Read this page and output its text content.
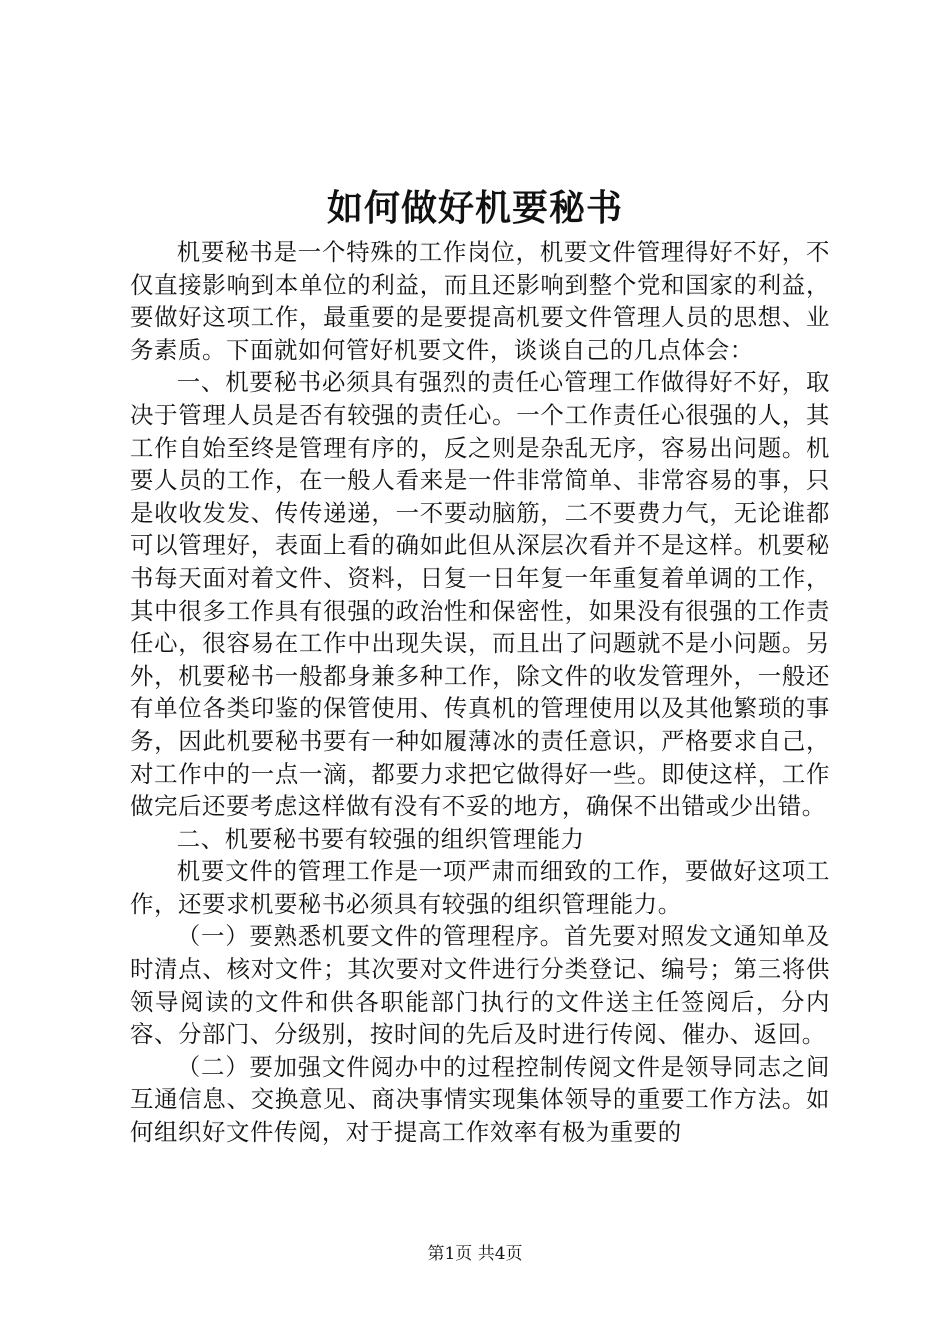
如何做好机要秘书

机要秘书是一个特殊的工作岗位，机要文件管理得好不好，不仅直接影响到本单位的利益，而且还影响到整个党和国家的利益，要做好这项工作，最重要的是要提高机要文件管理人员的思想、业务素质。下面就如何管好机要文件，谈谈自己的几点体会：

一、机要秘书必须具有强烈的责任心管理工作做得好不好，取决于管理人员是否有较强的责任心。一个工作责任心很强的人，其工作自始至终是管理有序的，反之则是杂乱无序，容易出问题。机要人员的工作，在一般人看来是一件非常简单、非常容易的事，只是收收发发、传传递递，一不要动脑筋，二不要费力气，无论谁都可以管理好，表面上看的确如此但从深层次看并不是这样。机要秘书每天面对着文件、资料，日复一日年复一年重复着单调的工作，其中很多工作具有很强的政治性和保密性，如果没有很强的工作责任心，很容易在工作中出现失误，而且出了问题就不是小问题。另外，机要秘书一般都身兼多种工作，除文件的收发管理外，一般还有单位各类印鉴的保管使用、传真机的管理使用以及其他繁琐的事务，因此机要秘书要有一种如履薄冰的责任意识，严格要求自己，对工作中的一点一滴，都要力求把它做得好一些。即使这样，工作做完后还要考虑这样做有没有不妥的地方，确保不出错或少出错。

二、机要秘书要有较强的组织管理能力

机要文件的管理工作是一项严肃而细致的工作，要做好这项工作，还要求机要秘书必须具有较强的组织管理能力。

（一）要熟悉机要文件的管理程序。首先要对照发文通知单及时清点、核对文件；其次要对文件进行分类登记、编号；第三将供领导阅读的文件和供各职能部门执行的文件送主任签阅后，分内容、分部门、分级别，按时间的先后及时进行传阅、催办、返回。

（二）要加强文件阅办中的过程控制传阅文件是领导同志之间互通信息、交换意见、商决事情实现集体领导的重要工作方法。如何组织好文件传阅，对于提高工作效率有极为重要的

第1页 共4页
